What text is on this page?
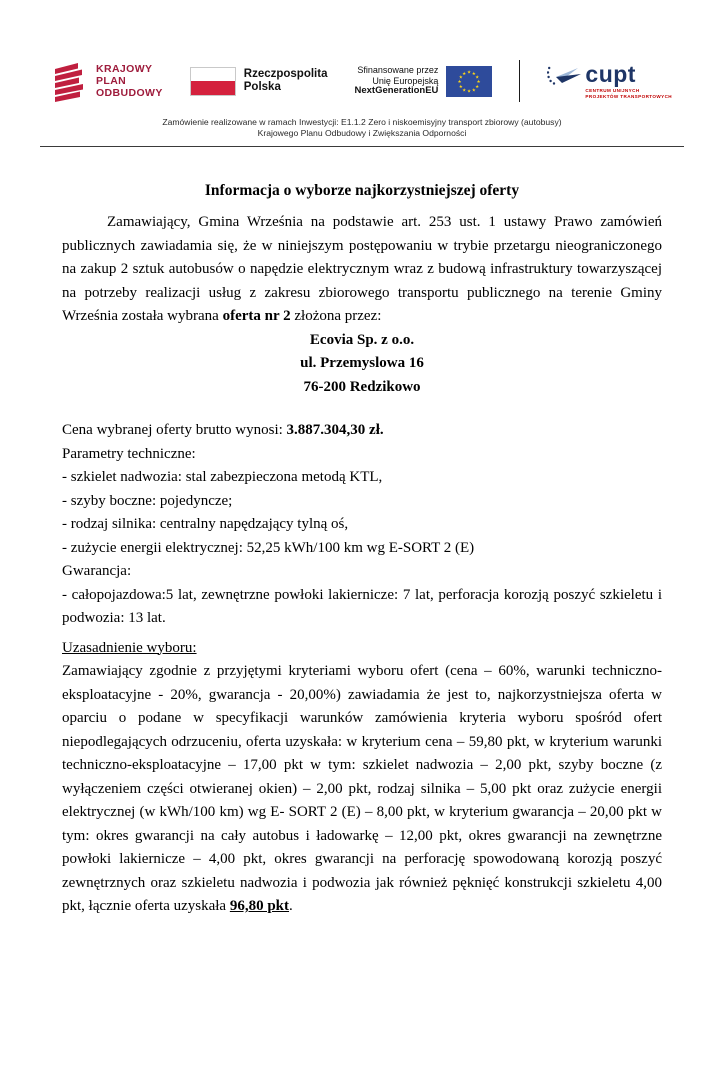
KRAJOWY
PLAN
ODBUDOWY
Rzeczpospolita
Polska
Sfinansowane przez
Unię Europejską
NextGenerationEU
★
★
★
★
★
★
★
★
★ ★ ★
★	cupt
CENTRUM UNIJNYCH
PROJEKTÓW TRANSPORTOWYCH
Zamówienie realizowane w ramach Inwestycji: E1.1.2 Zero i niskoemisyjny transport zbiorowy (autobusy)
Krajowego Planu Odbudowy i Zwiększania Odporności
Informacja o wyborze najkorzystniejszej oferty

Zamawiający, Gmina Września na podstawie art. 253 ust. 1 ustawy Prawo zamówień publicznych zawiadamia się, że w niniejszym postępowaniu w trybie przetargu nieograniczonego na zakup 2 sztuk autobusów o napędzie elektrycznym wraz z budową infrastruktury towarzyszącej na potrzeby realizacji usług z zakresu zbiorowego transportu publicznego na terenie Gminy Września została wybrana oferta nr 2 złożona przez:

Ecovia Sp. z o.o.
ul. Przemyslowa 16
76-200 Redzikowo

Cena wybranej oferty brutto wynosi: 3.887.304,30 zł.

Parametry techniczne:

- szkielet nadwozia: stal zabezpieczona metodą KTL,

- szyby boczne: pojedyncze;

- rodzaj silnika: centralny napędzający tylną oś,

- zużycie energii elektrycznej: 52,25 kWh/100 km wg E-SORT 2 (E)

Gwarancja:

- całopojazdowa:5 lat, zewnętrzne powłoki lakiernicze: 7 lat, perforacja korozją poszyć szkieletu i podwozia: 13 lat.

Uzasadnienie wyboru:

Zamawiający zgodnie z przyjętymi kryteriami wyboru ofert (cena – 60%, warunki techniczno-eksploatacyjne - 20%, gwarancja - 20,00%) zawiadamia że jest to, najkorzystniejsza oferta w oparciu o podane w specyfikacji warunków zamówienia kryteria wyboru spośród ofert niepodlegających odrzuceniu, oferta uzyskała: w kryterium cena – 59,80 pkt, w kryterium warunki techniczno-eksploatacyjne – 17,00 pkt w tym: szkielet nadwozia – 2,00 pkt, szyby boczne (z wyłączeniem części otwieranej okien) – 2,00 pkt, rodzaj silnika – 5,00 pkt oraz zużycie energii elektrycznej (w kWh/100 km) wg E- SORT 2 (E) – 8,00 pkt, w kryterium gwarancja – 20,00 pkt w tym: okres gwarancji na cały autobus i ładowarkę – 12,00 pkt, okres gwarancji na zewnętrzne powłoki lakiernicze – 4,00 pkt, okres gwarancji na perforację spowodowaną korozją poszyć zewnętrznych oraz szkieletu nadwozia i podwozia jak również pęknięć konstrukcji szkieletu 4,00 pkt, łącznie oferta uzyskała 96,80 pkt.
